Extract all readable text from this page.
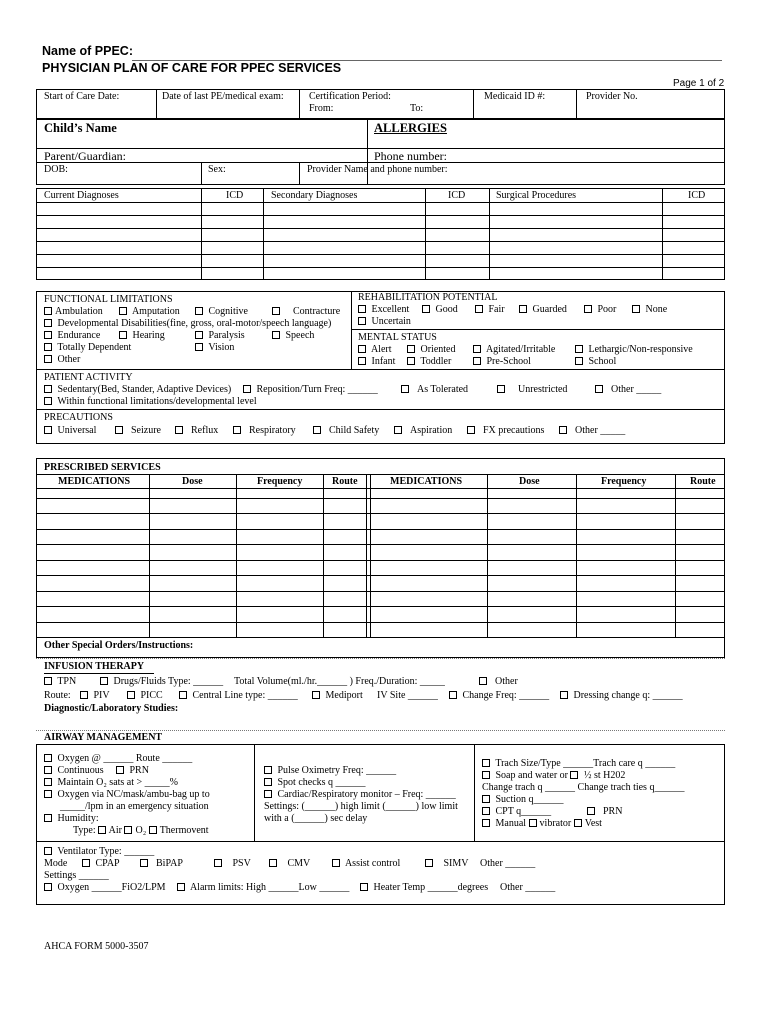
Name of PPEC:
PHYSICIAN PLAN OF CARE FOR PPEC SERVICES
Page 1 of 2
Start of Care Date:	Date of last PE/medical exam:	Certification Period:
From:	To:
Medicaid ID #:	Provider No.
Child’s Name	ALLERGIES
Parent/Guardian:	Phone number:
DOB:	Sex:	Provider Name and phone number:
Current Diagnoses	ICD	Secondary Diagnoses	ICD	Surgical Procedures	ICD
FUNCTIONAL LIMITATIONS
Ambulation	Amputation	Cognitive	Contracture
Developmental Disabilities(fine, gross, oral-motor/speech language)
Endurance	Hearing	Paralysis	Speech
Totally Dependent	Vision
Other
REHABILITATION POTENTIAL
Excellent	Good	Fair	Guarded	Poor	None
Uncertain
MENTAL STATUS
Alert	Oriented	Agitated/Irritable	Lethargic/Non-responsive
Infant	Toddler	Pre-School	School
PATIENT ACTIVITY
Sedentary(Bed, Stander, Adaptive Devices)	Reposition/Turn Freq: ______	As Tolerated	Unrestricted	Other _____
Within functional limitations/developmental level
PRECAUTIONS
Universal	Seizure	Reflux	Respiratory	Child Safety	Aspiration	FX precautions	Other _____
PRESCRIBED SERVICES
MEDICATIONS	Dose	Frequency	Route	MEDICATIONS	Dose	Frequency	Route
Other Special Orders/Instructions:
INFUSION THERAPY
TPN	Drugs/Fluids Type: ______ Total Volume(ml./hr.______ ) Freq./Duration: _____	Other
Route:	PIV	PICC	Central Line type: ______	Mediport IV Site ______	Change Freq: ______	Dressing change q: ______
Diagnostic/Laboratory Studies:
AIRWAY MANAGEMENT
Oxygen @ ______ Route ______
Continuous	PRN
Maintain O₂ sats at > _____%
Oxygen via NC/mask/ambu-bag up to
_____/lpm in an emergency situation
Humidity:
Type: Air O₂ Thermovent
Pulse Oximetry Freq: ______
Spot checks q ______
Cardiac/Respiratory monitor – Freq: ______
Settings: (______) high limit (______) low limit
with a (______) sec delay
Trach Size/Type ______Trach care q ______
Soap and water or ½ st H202
Change trach q ______ Change trach ties q______
Suction q______
CPT q______	PRN
Manual vibrator Vest
Ventilator Type: ______
Mode	CPAP	BiPAP	PSV	CMV	Assist control	SIMV Other ______
Settings ______
Oxygen ______FiO2/LPM	Alarm limits: High ______Low ______	Heater Temp ______degrees Other ______
AHCA FORM 5000-3507
